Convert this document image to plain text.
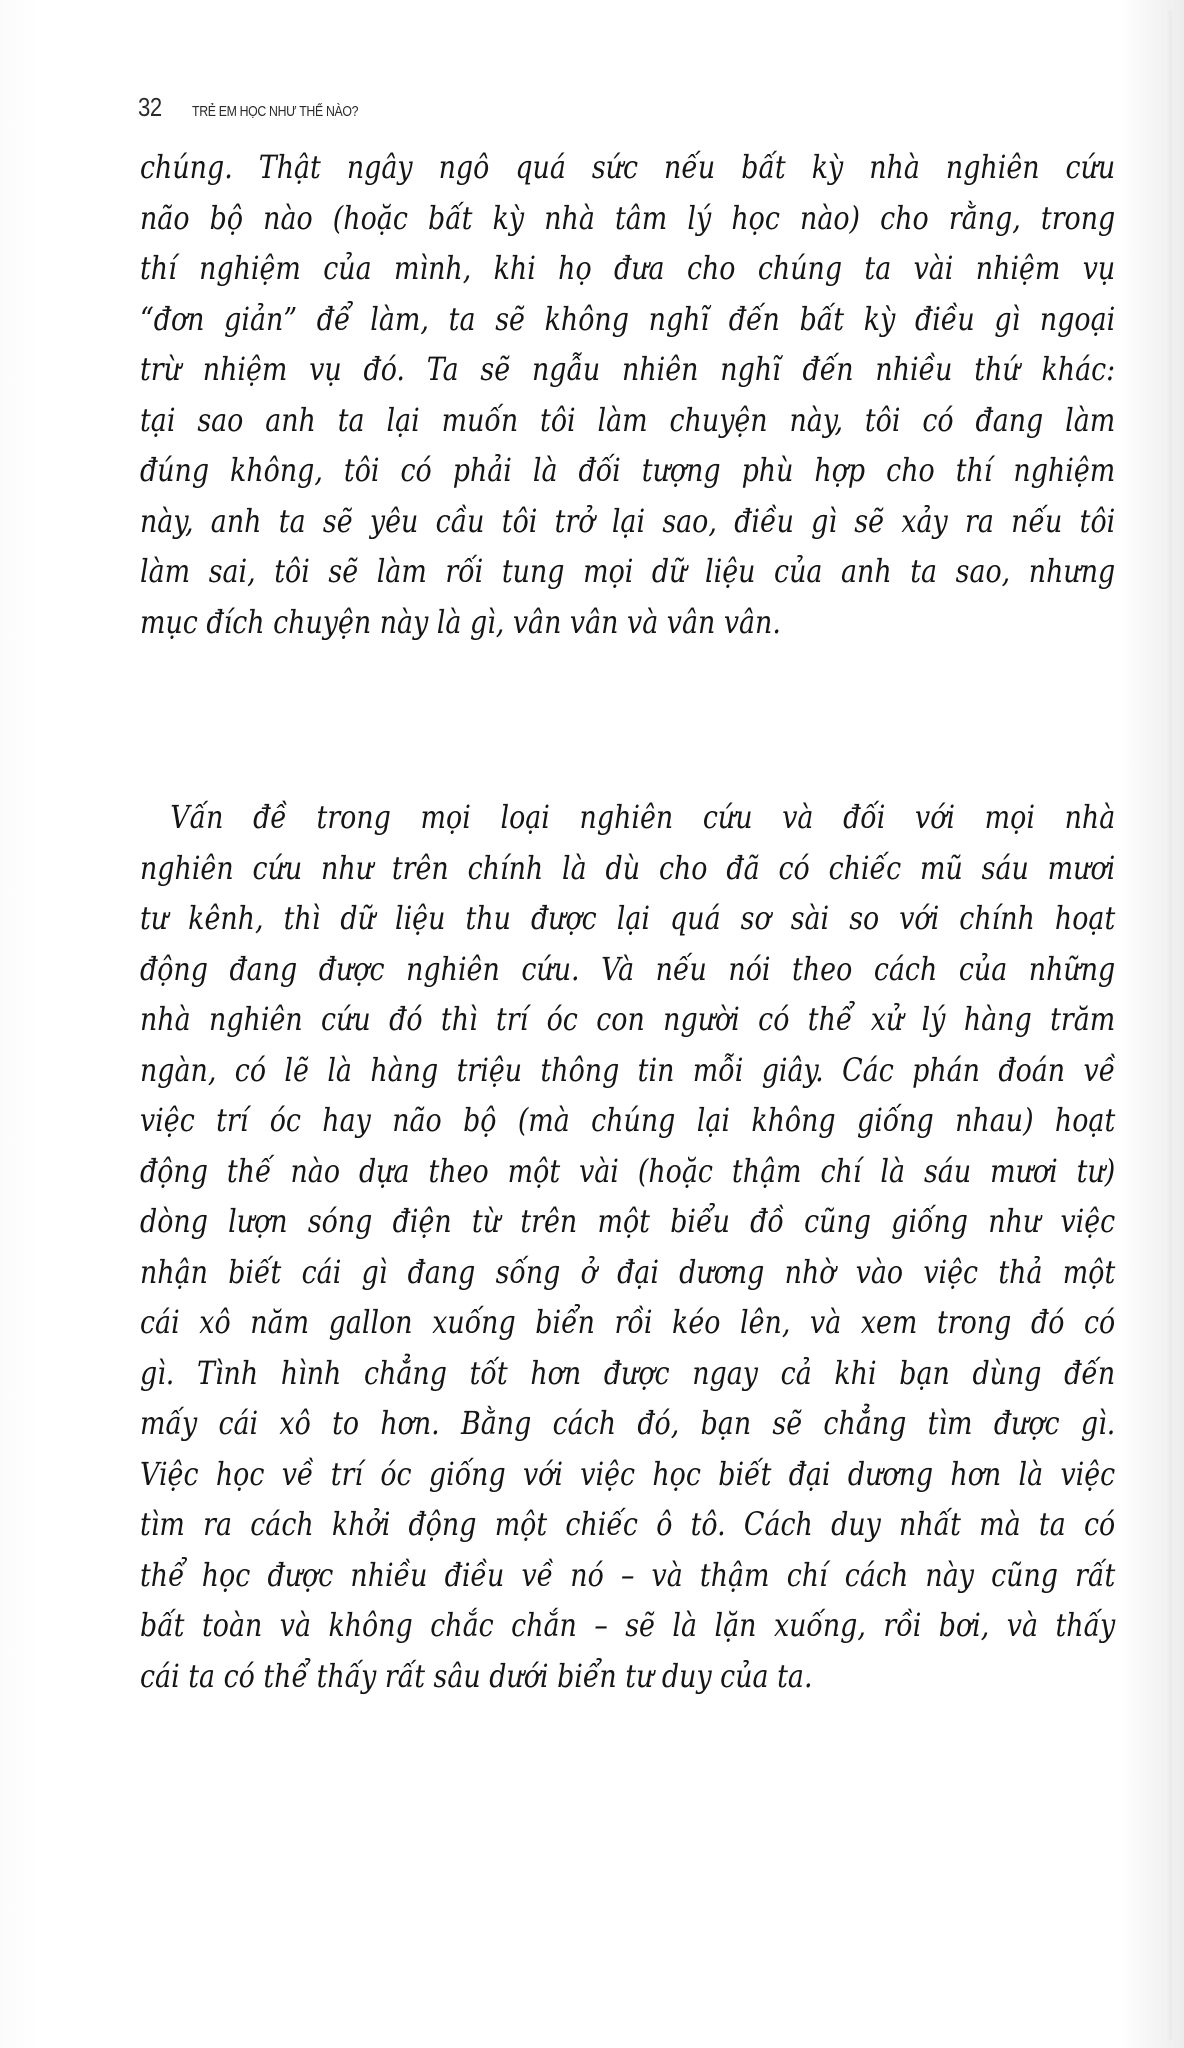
32	TRẺ EM HỌC NHƯ THẾ NÀO?
chúng. Thật ngây ngô quá sức nếu bất kỳ nhà nghiên cứu
não bộ nào (hoặc bất kỳ nhà tâm lý học nào) cho rằng, trong
thí nghiệm của mình, khi họ đưa cho chúng ta vài nhiệm vụ
“đơn giản” để làm, ta sẽ không nghĩ đến bất kỳ điều gì ngoại
trừ nhiệm vụ đó. Ta sẽ ngẫu nhiên nghĩ đến nhiều thứ khác:
tại sao anh ta lại muốn tôi làm chuyện này, tôi có đang làm
đúng không, tôi có phải là đối tượng phù hợp cho thí nghiệm
này, anh ta sẽ yêu cầu tôi trở lại sao, điều gì sẽ xảy ra nếu tôi
làm sai, tôi sẽ làm rối tung mọi dữ liệu của anh ta sao, nhưng
mục đích chuyện này là gì, vân vân và vân vân.
Vấn đề trong mọi loại nghiên cứu và đối với mọi nhà
nghiên cứu như trên chính là dù cho đã có chiếc mũ sáu mươi
tư kênh, thì dữ liệu thu được lại quá sơ sài so với chính hoạt
động đang được nghiên cứu. Và nếu nói theo cách của những
nhà nghiên cứu đó thì trí óc con người có thể xử lý hàng trăm
ngàn, có lẽ là hàng triệu thông tin mỗi giây. Các phán đoán về
việc trí óc hay não bộ (mà chúng lại không giống nhau) hoạt
động thế nào dựa theo một vài (hoặc thậm chí là sáu mươi tư)
dòng lượn sóng điện từ trên một biểu đồ cũng giống như việc
nhận biết cái gì đang sống ở đại dương nhờ vào việc thả một
cái xô năm gallon xuống biển rồi kéo lên, và xem trong đó có
gì. Tình hình chẳng tốt hơn được ngay cả khi bạn dùng đến
mấy cái xô to hơn. Bằng cách đó, bạn sẽ chẳng tìm được gì.
Việc học về trí óc giống với việc học biết đại dương hơn là việc
tìm ra cách khởi động một chiếc ô tô. Cách duy nhất mà ta có
thể học được nhiều điều về nó – và thậm chí cách này cũng rất
bất toàn và không chắc chắn – sẽ là lặn xuống, rồi bơi, và thấy
cái ta có thể thấy rất sâu dưới biển tư duy của ta.
